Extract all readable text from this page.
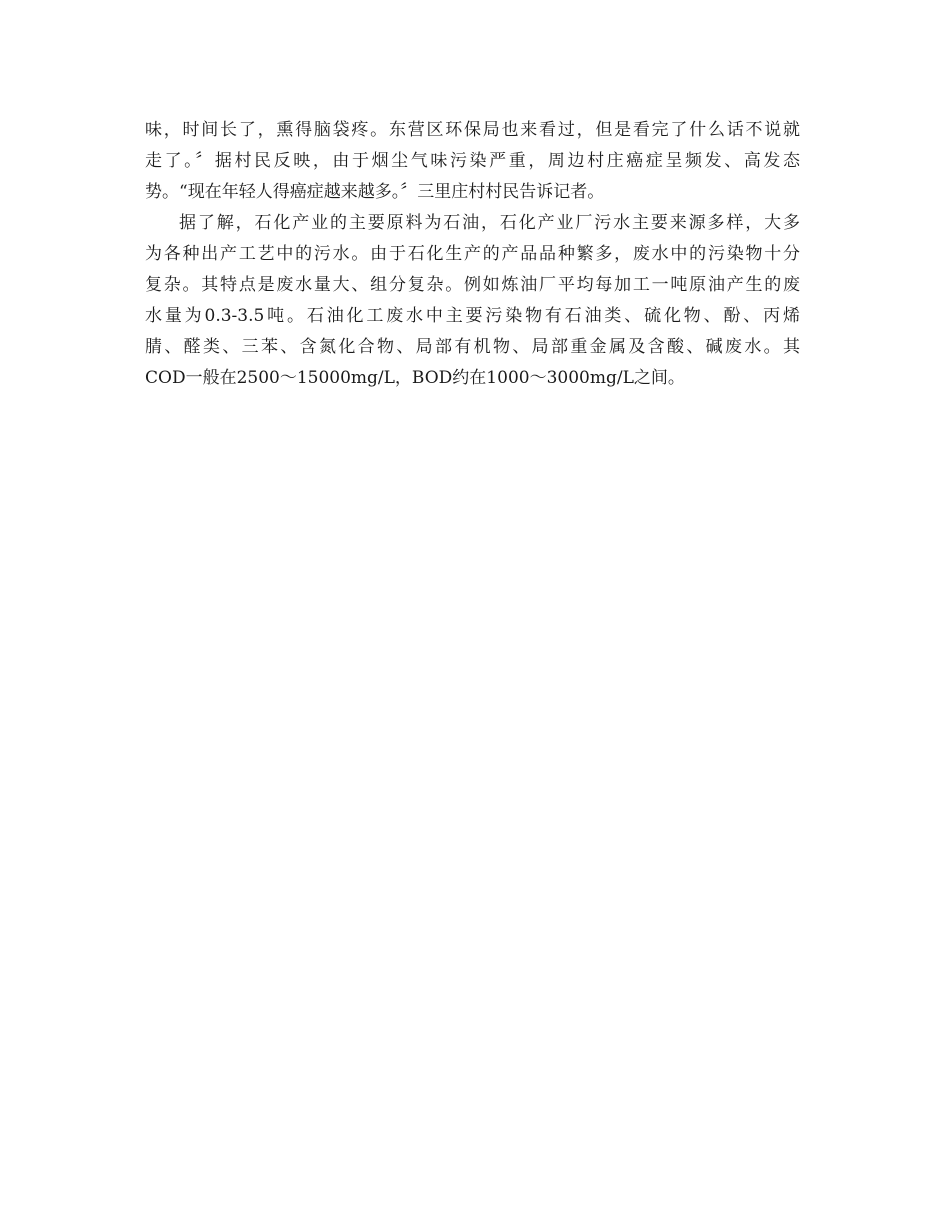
味，时间长了，熏得脑袋疼。东营区环保局也来看过，但是看完了什么话不说就
走了。〞据村民反映，由于烟尘气味污染严重，周边村庄癌症呈频发、高发态
势。“现在年轻人得癌症越来越多。〞三里庄村村民告诉记者。
据了解，石化产业的主要原料为石油，石化产业厂污水主要来源多样，大多
为各种出产工艺中的污水。由于石化生产的产品品种繁多，废水中的污染物十分
复杂。其特点是废水量大、组分复杂。例如炼油厂平均每加工一吨原油产生的废
水量为0.3-3.5吨。石油化工废水中主要污染物有石油类、硫化物、酚、丙烯
腈、醛类、三苯、含氮化合物、局部有机物、局部重金属及含酸、碱废水。其
COD一般在2500～15000mg/L，BOD约在1000～3000mg/L之间。
